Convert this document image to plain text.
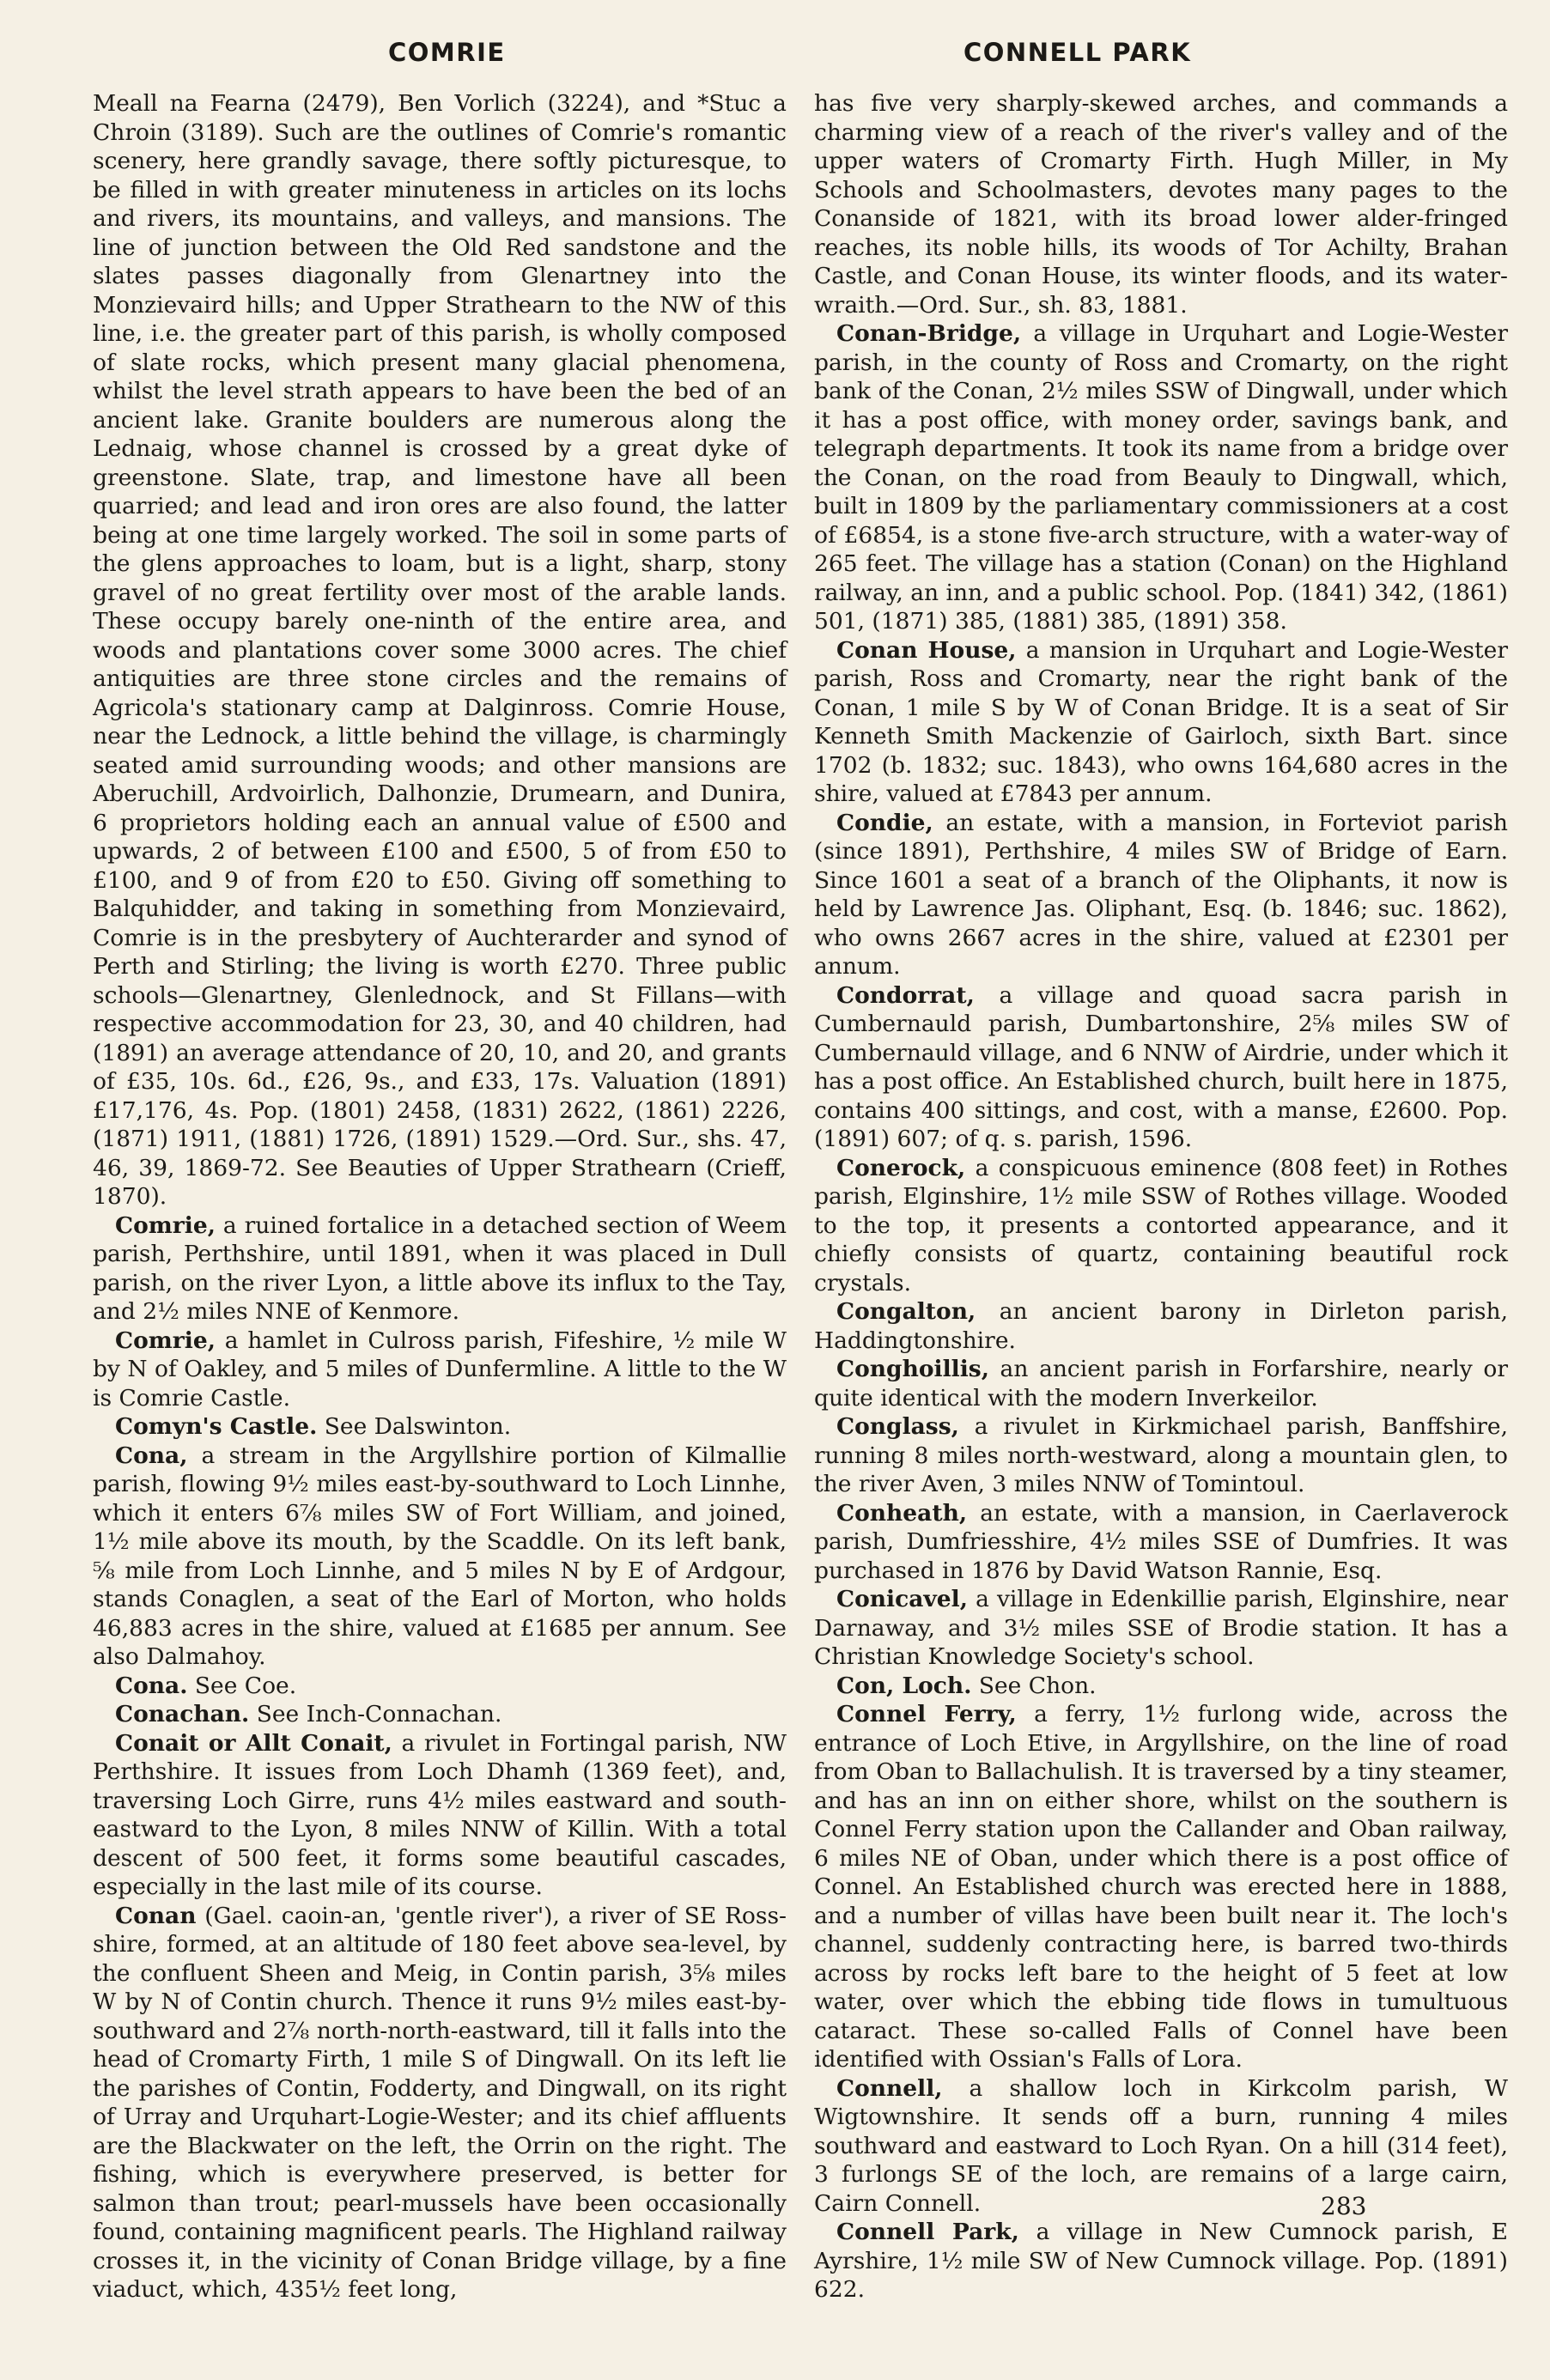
COMRIE	CONNELL PARK

Meall na Fearna (2479), Ben Vorlich (3224), and *Stuc a Chroin (3189). Such are the outlines of Comrie's romantic scenery, here grandly savage, there softly picturesque, to be filled in with greater minuteness in articles on its lochs and rivers, its mountains, and valleys, and mansions. The line of junction between the Old Red sandstone and the slates passes diagonally from Glenartney into the Monzievaird hills; and Upper Strathearn to the NW of this line, i.e. the greater part of this parish, is wholly composed of slate rocks, which present many glacial phenomena, whilst the level strath appears to have been the bed of an ancient lake. Granite boulders are numerous along the Lednaig, whose channel is crossed by a great dyke of greenstone. Slate, trap, and limestone have all been quarried; and lead and iron ores are also found, the latter being at one time largely worked. The soil in some parts of the glens approaches to loam, but is a light, sharp, stony gravel of no great fertility over most of the arable lands. These occupy barely one-ninth of the entire area, and woods and plantations cover some 3000 acres. The chief antiquities are three stone circles and the remains of Agricola's stationary camp at Dalginross. Comrie House, near the Lednock, a little behind the village, is charmingly seated amid surrounding woods; and other mansions are Aberuchill, Ardvoirlich, Dalhonzie, Drumearn, and Dunira, 6 proprietors holding each an annual value of £500 and upwards, 2 of between £100 and £500, 5 of from £50 to £100, and 9 of from £20 to £50. Giving off something to Balquhidder, and taking in something from Monzievaird, Comrie is in the presbytery of Auchterarder and synod of Perth and Stirling; the living is worth £270. Three public schools—Glenartney, Glenlednock, and St Fillans—with respective accommodation for 23, 30, and 40 children, had (1891) an average attendance of 20, 10, and 20, and grants of £35, 10s. 6d., £26, 9s., and £33, 17s. Valuation (1891) £17,176, 4s. Pop. (1801) 2458, (1831) 2622, (1861) 2226, (1871) 1911, (1881) 1726, (1891) 1529.—Ord. Sur., shs. 47, 46, 39, 1869-72. See Beauties of Upper Strathearn (Crieff, 1870).

Comrie, a ruined fortalice in a detached section of Weem parish, Perthshire, until 1891, when it was placed in Dull parish, on the river Lyon, a little above its influx to the Tay, and 2½ miles NNE of Kenmore.

Comrie, a hamlet in Culross parish, Fifeshire, ½ mile W by N of Oakley, and 5 miles of Dunfermline. A little to the W is Comrie Castle.

Comyn's Castle. See Dalswinton.

Cona, a stream in the Argyllshire portion of Kilmallie parish, flowing 9½ miles east-by-southward to Loch Linnhe, which it enters 6⅞ miles SW of Fort William, and joined, 1½ mile above its mouth, by the Scaddle. On its left bank, ⅝ mile from Loch Linnhe, and 5 miles N by E of Ardgour, stands Conaglen, a seat of the Earl of Morton, who holds 46,883 acres in the shire, valued at £1685 per annum. See also Dalmahoy.

Cona. See Coe.

Conachan. See Inch-Connachan.

Conait or Allt Conait, a rivulet in Fortingal parish, NW Perthshire. It issues from Loch Dhamh (1369 feet), and, traversing Loch Girre, runs 4½ miles eastward and south-eastward to the Lyon, 8 miles NNW of Killin. With a total descent of 500 feet, it forms some beautiful cascades, especially in the last mile of its course.

Conan (Gael. caoin-an, 'gentle river'), a river of SE Ross-shire, formed, at an altitude of 180 feet above sea-level, by the confluent Sheen and Meig, in Contin parish, 3⅝ miles W by N of Contin church. Thence it runs 9½ miles east-by-southward and 2⅞ north-north-eastward, till it falls into the head of Cromarty Firth, 1 mile S of Dingwall. On its left lie the parishes of Contin, Fodderty, and Dingwall, on its right of Urray and Urquhart-Logie-Wester; and its chief affluents are the Blackwater on the left, the Orrin on the right. The fishing, which is everywhere preserved, is better for salmon than trout; pearl-mussels have been occasionally found, containing magnificent pearls. The Highland railway crosses it, in the vicinity of Conan Bridge village, by a fine viaduct, which, 435½ feet long,

has five very sharply-skewed arches, and commands a charming view of a reach of the river's valley and of the upper waters of Cromarty Firth. Hugh Miller, in My Schools and Schoolmasters, devotes many pages to the Conanside of 1821, with its broad lower alder-fringed reaches, its noble hills, its woods of Tor Achilty, Brahan Castle, and Conan House, its winter floods, and its water-wraith.—Ord. Sur., sh. 83, 1881.

Conan-Bridge, a village in Urquhart and Logie-Wester parish, in the county of Ross and Cromarty, on the right bank of the Conan, 2½ miles SSW of Dingwall, under which it has a post office, with money order, savings bank, and telegraph departments. It took its name from a bridge over the Conan, on the road from Beauly to Dingwall, which, built in 1809 by the parliamentary commissioners at a cost of £6854, is a stone five-arch structure, with a water-way of 265 feet. The village has a station (Conan) on the Highland railway, an inn, and a public school. Pop. (1841) 342, (1861) 501, (1871) 385, (1881) 385, (1891) 358.

Conan House, a mansion in Urquhart and Logie-Wester parish, Ross and Cromarty, near the right bank of the Conan, 1 mile S by W of Conan Bridge. It is a seat of Sir Kenneth Smith Mackenzie of Gairloch, sixth Bart. since 1702 (b. 1832; suc. 1843), who owns 164,680 acres in the shire, valued at £7843 per annum.

Condie, an estate, with a mansion, in Forteviot parish (since 1891), Perthshire, 4 miles SW of Bridge of Earn. Since 1601 a seat of a branch of the Oliphants, it now is held by Lawrence Jas. Oliphant, Esq. (b. 1846; suc. 1862), who owns 2667 acres in the shire, valued at £2301 per annum.

Condorrat, a village and quoad sacra parish in Cumbernauld parish, Dumbartonshire, 2⅝ miles SW of Cumbernauld village, and 6 NNW of Airdrie, under which it has a post office. An Established church, built here in 1875, contains 400 sittings, and cost, with a manse, £2600. Pop. (1891) 607; of q. s. parish, 1596.

Conerock, a conspicuous eminence (808 feet) in Rothes parish, Elginshire, 1½ mile SSW of Rothes village. Wooded to the top, it presents a contorted appearance, and it chiefly consists of quartz, containing beautiful rock crystals.

Congalton, an ancient barony in Dirleton parish, Haddingtonshire.

Conghoillis, an ancient parish in Forfarshire, nearly or quite identical with the modern Inverkeilor.

Conglass, a rivulet in Kirkmichael parish, Banffshire, running 8 miles north-westward, along a mountain glen, to the river Aven, 3 miles NNW of Tomintoul.

Conheath, an estate, with a mansion, in Caerlaverock parish, Dumfriesshire, 4½ miles SSE of Dumfries. It was purchased in 1876 by David Watson Rannie, Esq.

Conicavel, a village in Edenkillie parish, Elginshire, near Darnaway, and 3½ miles SSE of Brodie station. It has a Christian Knowledge Society's school.

Con, Loch. See Chon.

Connel Ferry, a ferry, 1½ furlong wide, across the entrance of Loch Etive, in Argyllshire, on the line of road from Oban to Ballachulish. It is traversed by a tiny steamer, and has an inn on either shore, whilst on the southern is Connel Ferry station upon the Callander and Oban railway, 6 miles NE of Oban, under which there is a post office of Connel. An Established church was erected here in 1888, and a number of villas have been built near it. The loch's channel, suddenly contracting here, is barred two-thirds across by rocks left bare to the height of 5 feet at low water, over which the ebbing tide flows in tumultuous cataract. These so-called Falls of Connel have been identified with Ossian's Falls of Lora.

Connell, a shallow loch in Kirkcolm parish, W Wigtownshire. It sends off a burn, running 4 miles southward and eastward to Loch Ryan. On a hill (314 feet), 3 furlongs SE of the loch, are remains of a large cairn, Cairn Connell.

Connell Park, a village in New Cumnock parish, E Ayrshire, 1½ mile SW of New Cumnock village. Pop. (1891) 622.

283
